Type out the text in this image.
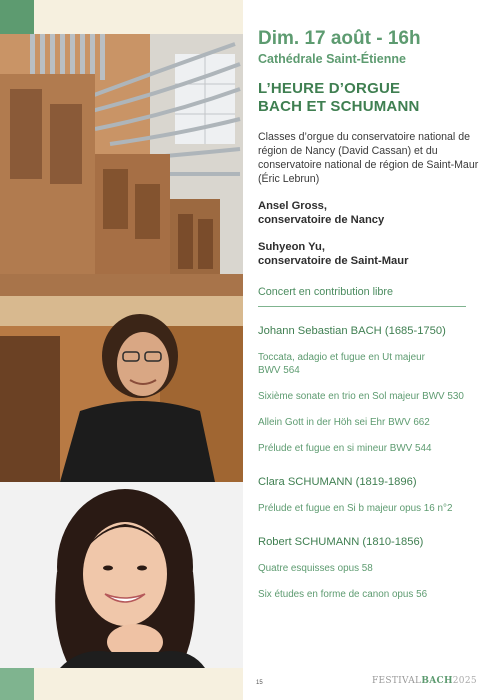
Dim. 17 août - 16h
Cathédrale Saint-Étienne
L’HEURE D’ORGUE
BACH ET SCHUMANN

Classes d’orgue du conservatoire national de région de Nancy (David Cassan) et du conservatoire national de région de Saint-Maur (Éric Lebrun)

Ansel Gross,
conservatoire de Nancy

Suhyeon Yu,
conservatoire de Saint-Maur

Concert en contribution libre

Johann Sebastian BACH (1685-1750)

Toccata, adagio et fugue en Ut majeur
BWV 564

Sixième sonate en trio en Sol majeur BWV 530

Allein Gott in der Höh sei Ehr BWV 662

Prélude et fugue en si mineur BWV 544

Clara SCHUMANN (1819-1896)

Prélude et fugue en Si b majeur opus 16 n°2

Robert SCHUMANN (1810-1856)

Quatre esquisses opus 58

Six études en forme de canon opus 56

15	FESTIVALBACH2025
